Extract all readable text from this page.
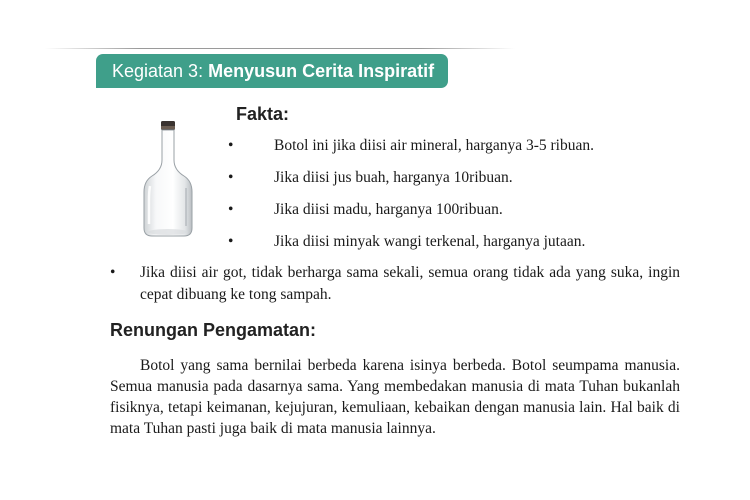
Kegiatan 3: Menyusun Cerita Inspiratif
Fakta:
•	Botol ini jika diisi air mineral, harganya 3-5 ribuan.
•	Jika diisi jus buah, harganya 10ribuan.
•	Jika diisi madu, harganya 100ribuan.
•	Jika diisi minyak wangi terkenal, harganya jutaan.
• Jika diisi air got, tidak berharga sama sekali, semua orang tidak ada yang suka, ingin cepat dibuang ke tong sampah.
Renungan Pengamatan:

Botol yang sama bernilai berbeda karena isinya berbeda. Botol seumpama manusia. Semua manusia pada dasarnya sama. Yang membedakan manusia di mata Tuhan bukanlah fisiknya, tetapi keimanan, kejujuran, kemuliaan, kebaikan dengan manusia lain. Hal baik di mata Tuhan pasti juga baik di mata manusia lainnya.
